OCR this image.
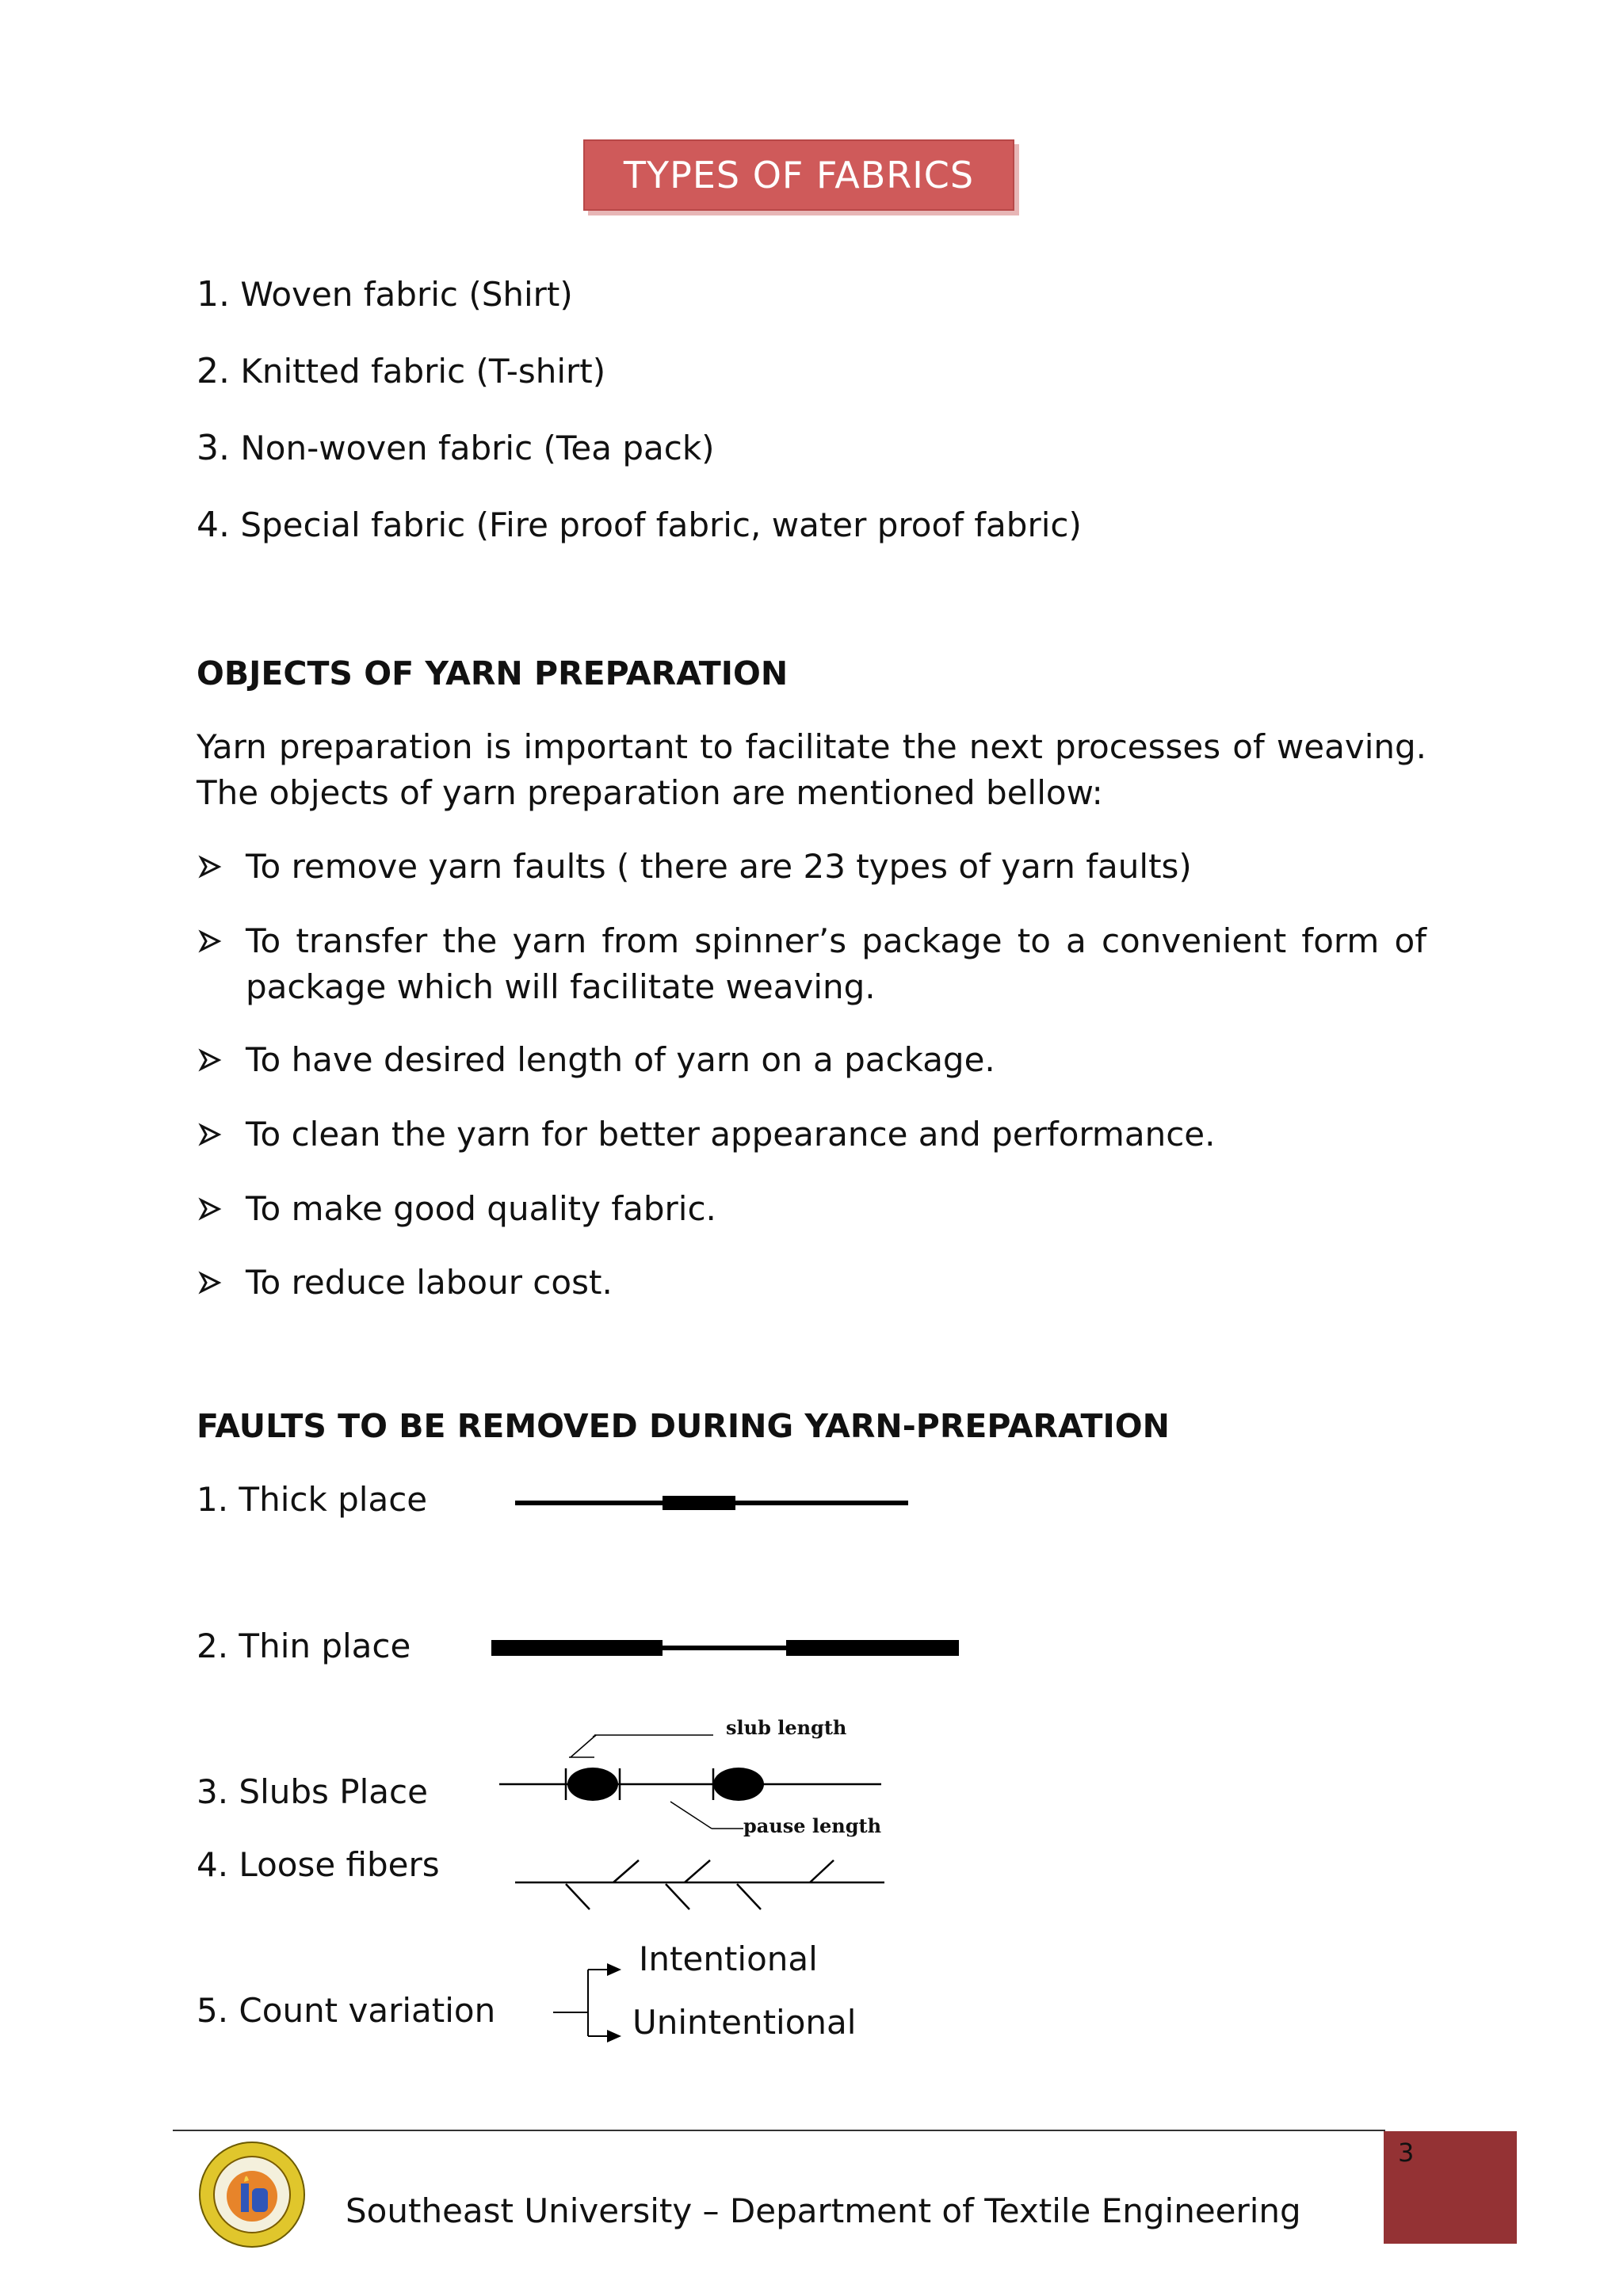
TYPES OF FABRICS
1. Woven fabric (Shirt)
2. Knitted fabric (T-shirt)
3. Non-woven fabric (Tea pack)
4. Special fabric (Fire proof fabric, water proof fabric)
OBJECTS OF YARN PREPARATION
Yarn preparation is important to facilitate the next processes of weaving.
The objects of yarn preparation are mentioned bellow:
To remove yarn faults ( there are 23 types of yarn faults)
To transfer the yarn from spinner’s package to a convenient form of
package which will facilitate weaving.
To have desired length of yarn on a package.
To clean the yarn for better appearance and performance.
To make good quality fabric.
To reduce labour cost.
FAULTS TO BE REMOVED DURING YARN-PREPARATION
1. Thick place
2. Thin place
slub length
pause length
3. Slubs Place
4. Loose fibers
5. Count variation
Intentional
Unintentional
3
Southeast University – Department of Textile Engineering
